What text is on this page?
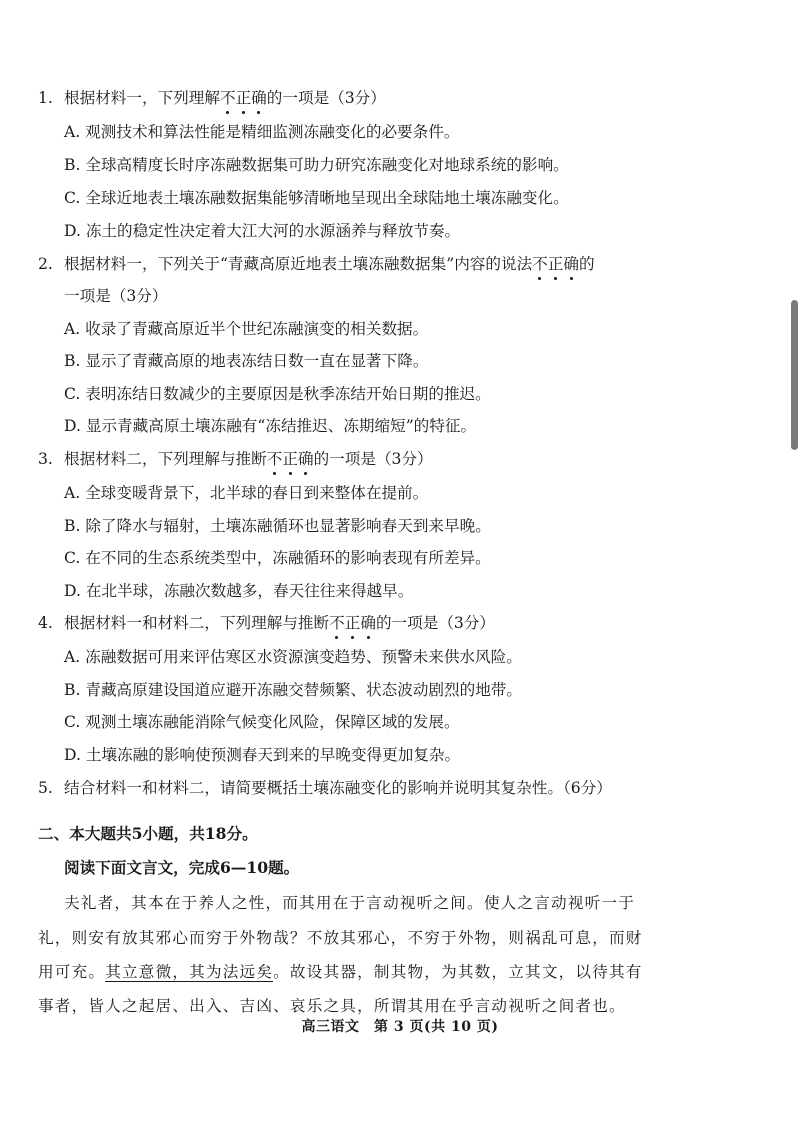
1. 根据材料一，下列理解不正确的一项是（3分）
A. 观测技术和算法性能是精细监测冻融变化的必要条件。
B. 全球高精度长时序冻融数据集可助力研究冻融变化对地球系统的影响。
C. 全球近地表土壤冻融数据集能够清晰地呈现出全球陆地土壤冻融变化。
D. 冻土的稳定性决定着大江大河的水源涵养与释放节奏。
2. 根据材料一，下列关于“青藏高原近地表土壤冻融数据集”内容的说法不正确的
一项是（3分）
A. 收录了青藏高原近半个世纪冻融演变的相关数据。
B. 显示了青藏高原的地表冻结日数一直在显著下降。
C. 表明冻结日数减少的主要原因是秋季冻结开始日期的推迟。
D. 显示青藏高原土壤冻融有“冻结推迟、冻期缩短”的特征。
3. 根据材料二，下列理解与推断不正确的一项是（3分）
A. 全球变暖背景下，北半球的春日到来整体在提前。
B. 除了降水与辐射，土壤冻融循环也显著影响春天到来早晚。
C. 在不同的生态系统类型中，冻融循环的影响表现有所差异。
D. 在北半球，冻融次数越多，春天往往来得越早。
4. 根据材料一和材料二，下列理解与推断不正确的一项是（3分）
A. 冻融数据可用来评估寒区水资源演变趋势、预警未来供水风险。
B. 青藏高原建设国道应避开冻融交替频繁、状态波动剧烈的地带。
C. 观测土壤冻融能消除气候变化风险，保障区域的发展。
D. 土壤冻融的影响使预测春天到来的早晚变得更加复杂。
5. 结合材料一和材料二，请简要概括土壤冻融变化的影响并说明其复杂性。（6分）
二、本大题共5小题，共18分。
阅读下面文言文，完成6—10题。
夫礼者，其本在于养人之性，而其用在于言动视听之间。使人之言动视听一于
礼，则安有放其邪心而穷于外物哉？不放其邪心，不穷于外物，则祸乱可息，而财
用可充。其立意微，其为法远矣。故设其器，制其物，为其数，立其文，以待其有
事者，皆人之起居、出入、吉凶、哀乐之具，所谓其用在乎言动视听之间者也。
高三语文　第 3 页(共 10 页)
